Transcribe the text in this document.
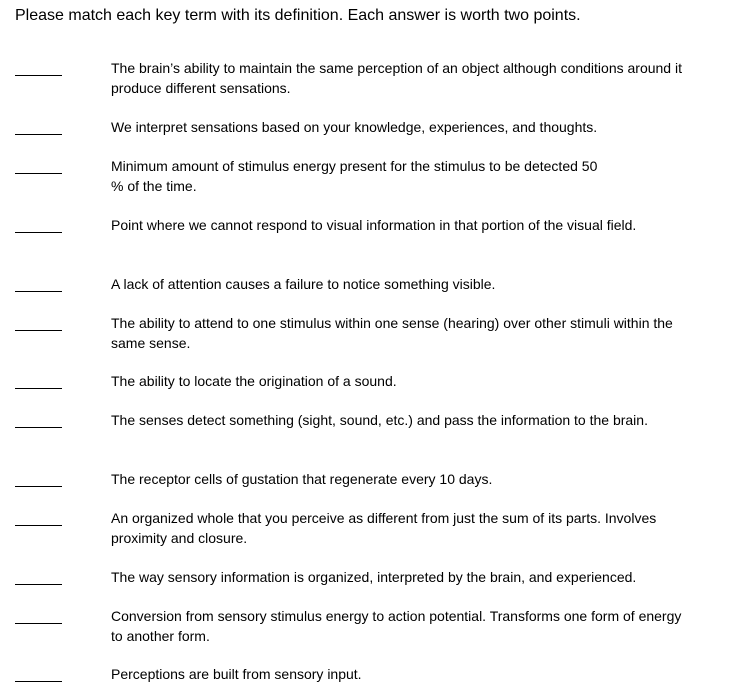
Please match each key term with its definition. Each answer is worth two points.
The brain’s ability to maintain the same perception of an object although conditions around it produce different sensations.
We interpret sensations based on your knowledge, experiences, and thoughts.
Minimum amount of stimulus energy present for the stimulus to be detected 50
% of the time.
Point where we cannot respond to visual information in that portion of the visual field.
A lack of attention causes a failure to notice something visible.
The ability to attend to one stimulus within one sense (hearing) over other stimuli within the same sense.
The ability to locate the origination of a sound.
The senses detect something (sight, sound, etc.) and pass the information to the brain.
The receptor cells of gustation that regenerate every 10 days.
An organized whole that you perceive as different from just the sum of its parts. Involves proximity and closure.
The way sensory information is organized, interpreted by the brain, and experienced.
Conversion from sensory stimulus energy to action potential. Transforms one form of energy to another form.
Perceptions are built from sensory input.
